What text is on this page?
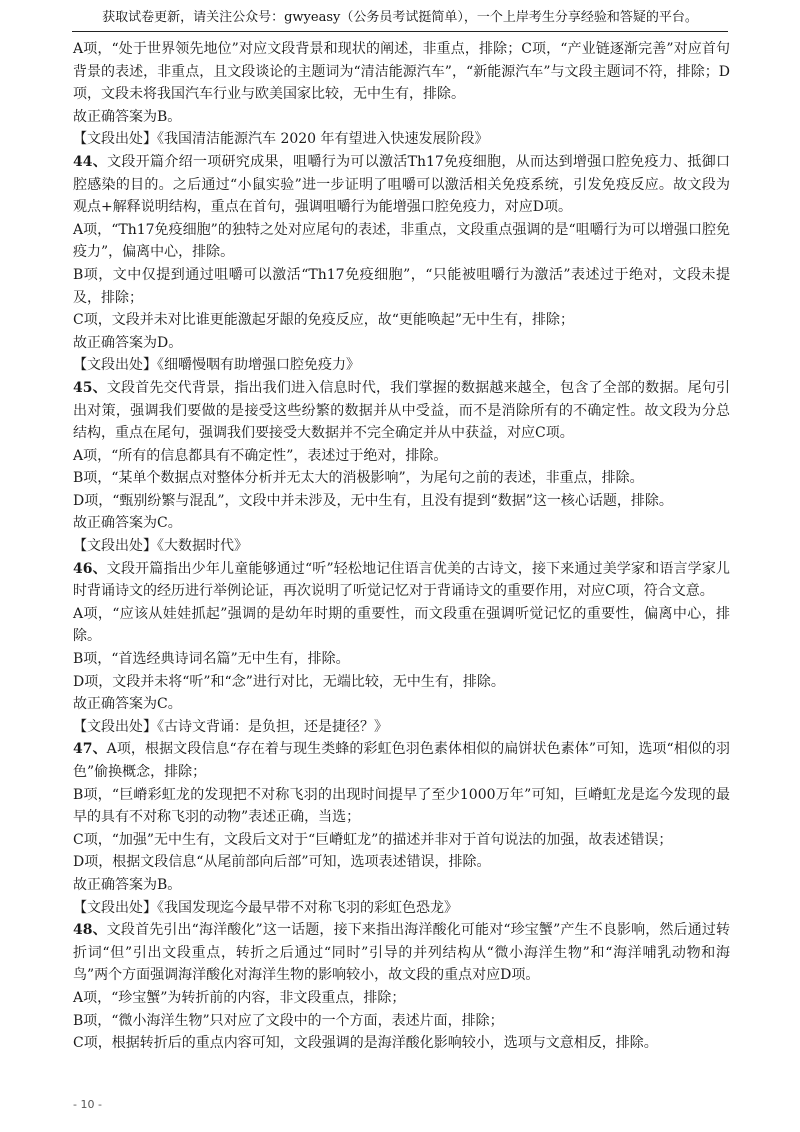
获取试卷更新，请关注公众号：gwyeasy（公务员考试挺简单），一个上岸考生分享经验和答疑的平台。

A项，“处于世界领先地位”对应文段背景和现状的阐述，非重点，排除；C项，“产业链逐渐完善”对应首句背景的表述，非重点，且文段谈论的主题词为“清洁能源汽车”，“新能源汽车”与文段主题词不符，排除；D项，文段未将我国汽车行业与欧美国家比较，无中生有，排除。

故正确答案为B。

【文段出处】《我国清洁能源汽车 2020 年有望进入快速发展阶段》

44、文段开篇介绍一项研究成果，咀嚼行为可以激活Th17免疫细胞，从而达到增强口腔免疫力、抵御口腔感染的目的。之后通过“小鼠实验”进一步证明了咀嚼可以激活相关免疫系统，引发免疫反应。故文段为观点+解释说明结构，重点在首句，强调咀嚼行为能增强口腔免疫力，对应D项。

A项，“Th17免疫细胞”的独特之处对应尾句的表述，非重点，文段重点强调的是“咀嚼行为可以增强口腔免疫力”，偏离中心，排除。

B项，文中仅提到通过咀嚼可以激活“Th17免疫细胞”，“只能被咀嚼行为激活”表述过于绝对，文段未提及，排除；

C项，文段并未对比谁更能激起牙龈的免疫反应，故“更能唤起”无中生有，排除；

故正确答案为D。

【文段出处】《细嚼慢咽有助增强口腔免疫力》

45、文段首先交代背景，指出我们进入信息时代，我们掌握的数据越来越全，包含了全部的数据。尾句引出对策，强调我们要做的是接受这些纷繁的数据并从中受益，而不是消除所有的不确定性。故文段为分总结构，重点在尾句，强调我们要接受大数据并不完全确定并从中获益，对应C项。

A项，“所有的信息都具有不确定性”，表述过于绝对，排除。

B项，“某单个数据点对整体分析并无太大的消极影响”，为尾句之前的表述，非重点，排除。

D项，“甄别纷繁与混乱”，文段中并未涉及，无中生有，且没有提到“数据”这一核心话题，排除。

故正确答案为C。

【文段出处】《大数据时代》

46、文段开篇指出少年儿童能够通过“听”轻松地记住语言优美的古诗文，接下来通过美学家和语言学家儿时背诵诗文的经历进行举例论证，再次说明了听觉记忆对于背诵诗文的重要作用，对应C项，符合文意。

A项，“应该从娃娃抓起”强调的是幼年时期的重要性，而文段重在强调听觉记忆的重要性，偏离中心，排除。

B项，“首选经典诗词名篇”无中生有，排除。

D项，文段并未将“听”和“念”进行对比，无端比较，无中生有，排除。

故正确答案为C。

【文段出处】《古诗文背诵：是负担，还是捷径？》

47、A项，根据文段信息“存在着与现生类蜂的彩虹色羽色素体相似的扁饼状色素体”可知，选项“相似的羽色”偷换概念，排除；

B项，“巨嵴彩虹龙的发现把不对称飞羽的出现时间提早了至少1000万年”可知，巨嵴虹龙是迄今发现的最早的具有不对称飞羽的动物”表述正确，当选；

C项，“加强”无中生有，文段后文对于“巨嵴虹龙”的描述并非对于首句说法的加强，故表述错误；

D项，根据文段信息“从尾前部向后部”可知，选项表述错误，排除。

故正确答案为B。

【文段出处】《我国发现迄今最早带不对称飞羽的彩虹色恐龙》

48、文段首先引出“海洋酸化”这一话题，接下来指出海洋酸化可能对“珍宝蟹”产生不良影响，然后通过转折词“但”引出文段重点，转折之后通过“同时”引导的并列结构从“微小海洋生物”和“海洋哺乳动物和海鸟”两个方面强调海洋酸化对海洋生物的影响较小，故文段的重点对应D项。

A项，“珍宝蟹”为转折前的内容，非文段重点，排除；

B项，“微小海洋生物”只对应了文段中的一个方面，表述片面，排除；

C项，根据转折后的重点内容可知，文段强调的是海洋酸化影响较小，选项与文意相反，排除。

- 10 -
